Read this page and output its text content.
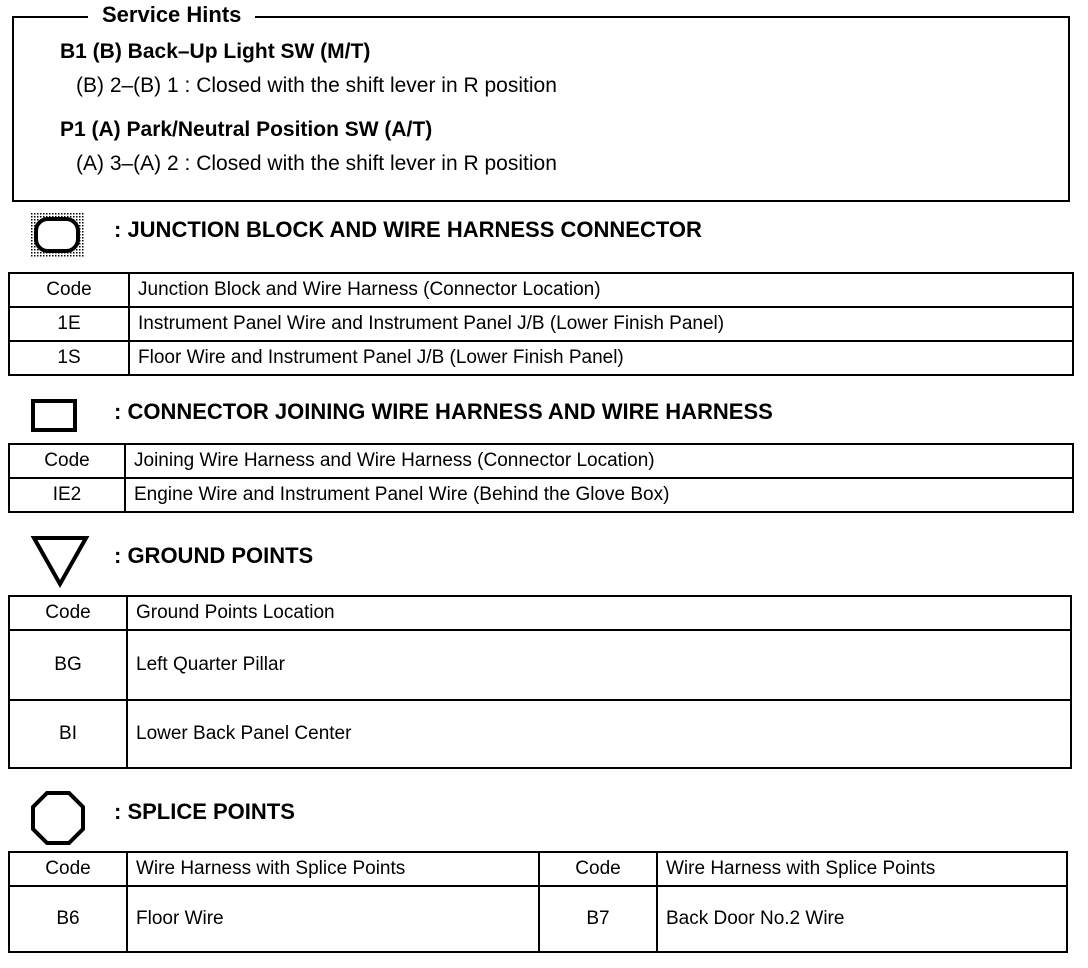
B1 (B) Back–Up Light SW (M/T)
(B) 2–(B) 1 : Closed with the shift lever in R position
P1 (A) Park/Neutral Position SW (A/T)
(A) 3–(A) 2 : Closed with the shift lever in R position
Service Hints
: JUNCTION BLOCK AND WIRE HARNESS CONNECTOR
Code	Junction Block and Wire Harness (Connector Location)
1E	Instrument Panel Wire and Instrument Panel J/B (Lower Finish Panel)
1S	Floor Wire and Instrument Panel J/B (Lower Finish Panel)
: CONNECTOR JOINING WIRE HARNESS AND WIRE HARNESS
Code	Joining Wire Harness and Wire Harness (Connector Location)
IE2	Engine Wire and Instrument Panel Wire (Behind the Glove Box)
: GROUND POINTS
Code	Ground Points Location
BG	Left Quarter Pillar
BI	Lower Back Panel Center
: SPLICE POINTS
Code	Wire Harness with Splice Points	Code	Wire Harness with Splice Points
B6	Floor Wire	B7	Back Door No.2 Wire
